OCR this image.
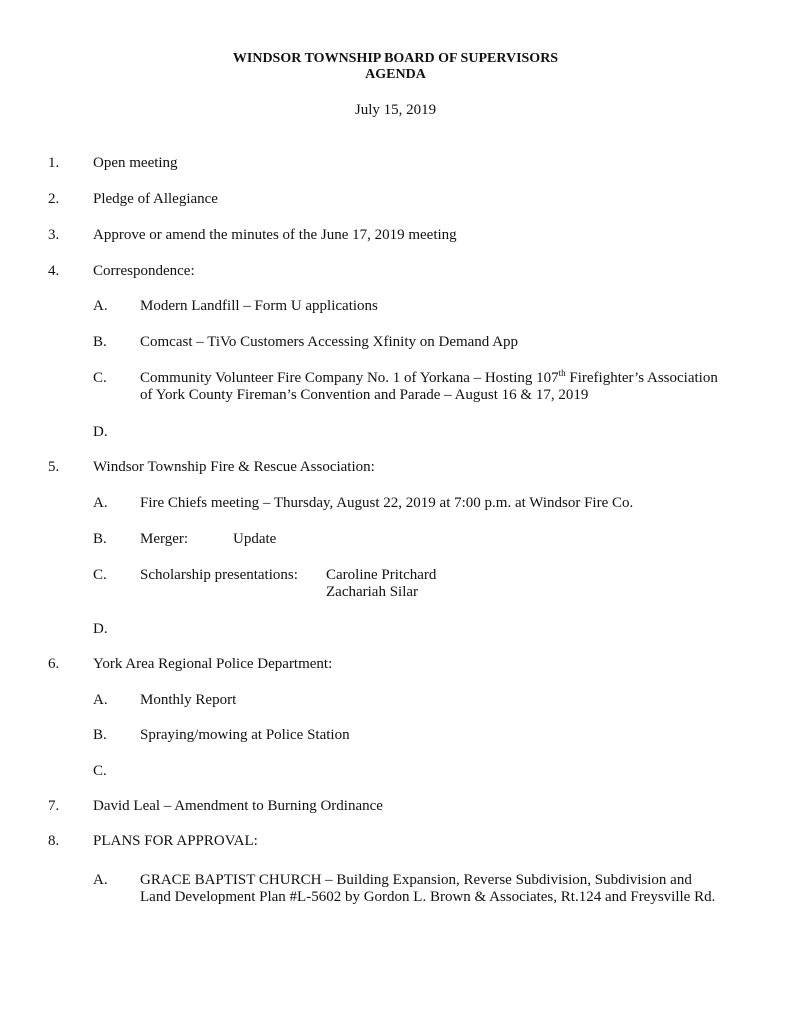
WINDSOR TOWNSHIP BOARD OF SUPERVISORS
AGENDA
July 15, 2019
1. Open meeting
2. Pledge of Allegiance
3. Approve or amend the minutes of the June 17, 2019 meeting
4. Correspondence:
A. Modern Landfill – Form U applications
B. Comcast – TiVo Customers Accessing Xfinity on Demand App
C. Community Volunteer Fire Company No. 1 of Yorkana – Hosting 107th Firefighter’s Association
of York County Fireman’s Convention and Parade – August 16 & 17, 2019
D.
5. Windsor Township Fire & Rescue Association:
A. Fire Chiefs meeting – Thursday, August 22, 2019 at 7:00 p.m. at Windsor Fire Co.
B. Merger:	Update
C. Scholarship presentations: Caroline Pritchard
Zachariah Silar
D.
6. York Area Regional Police Department:
A. Monthly Report
B. Spraying/mowing at Police Station
C.
7. David Leal – Amendment to Burning Ordinance
8. PLANS FOR APPROVAL:
A. GRACE BAPTIST CHURCH – Building Expansion, Reverse Subdivision, Subdivision and
Land Development Plan #L-5602 by Gordon L. Brown & Associates, Rt.124 and Freysville Rd.
